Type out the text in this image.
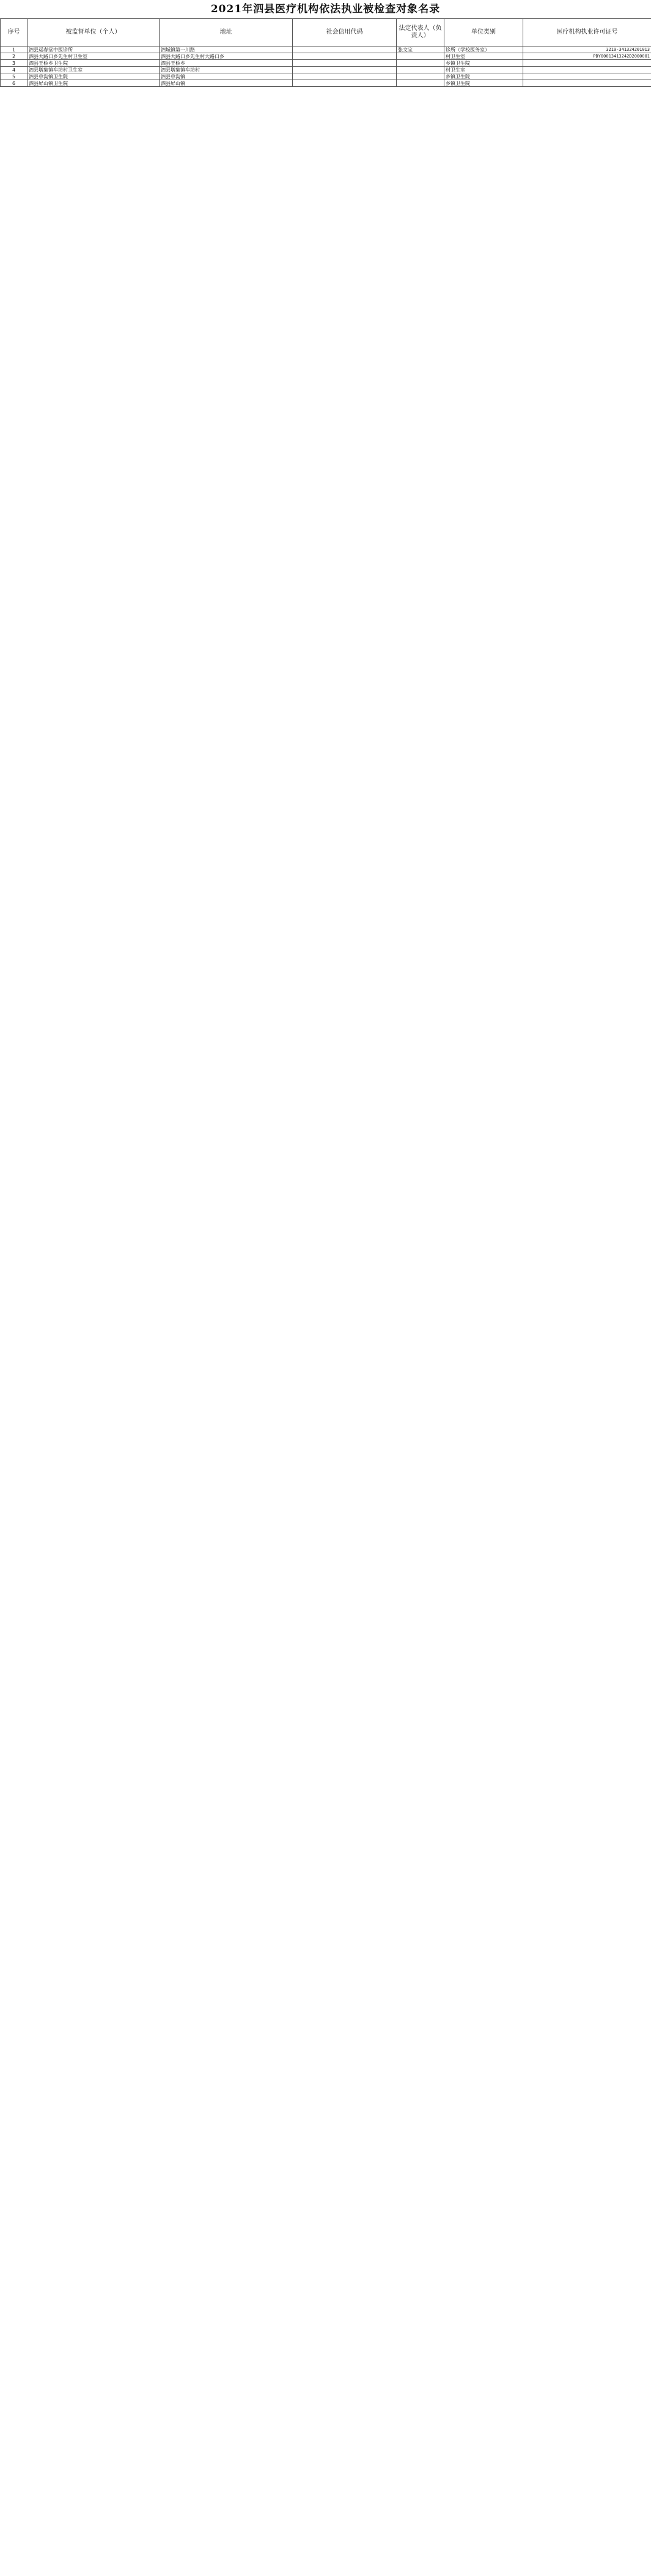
2021年泗县医疗机构依法执业被检查对象名录
序号	被监督单位（个人）	地址	社会信用代码	法定代表人（负责人）	单位类别	医疗机构执业许可证号
1	泗县运春堂中医诊所	泗城镇第一川路		张文宝	诊所（学校医务室）	3219-341324201013
2	泗县大路口乡先生村卫生室	泗县大路口乡先生村大路口乡			村卫生室	PDY00013413242D2000001
3	泗县王桥乡卫生院	泗县王桥乡			乡镇卫生院	
4	泗县墩集镇车坊村卫生室	泗县墩集镇车坊村			村卫生室	
5	泗县草沟镇卫生院	泗县草沟镇			乡镇卫生院	
6	泗县屏山镇卫生院	泗县屏山镇			乡镇卫生院	
